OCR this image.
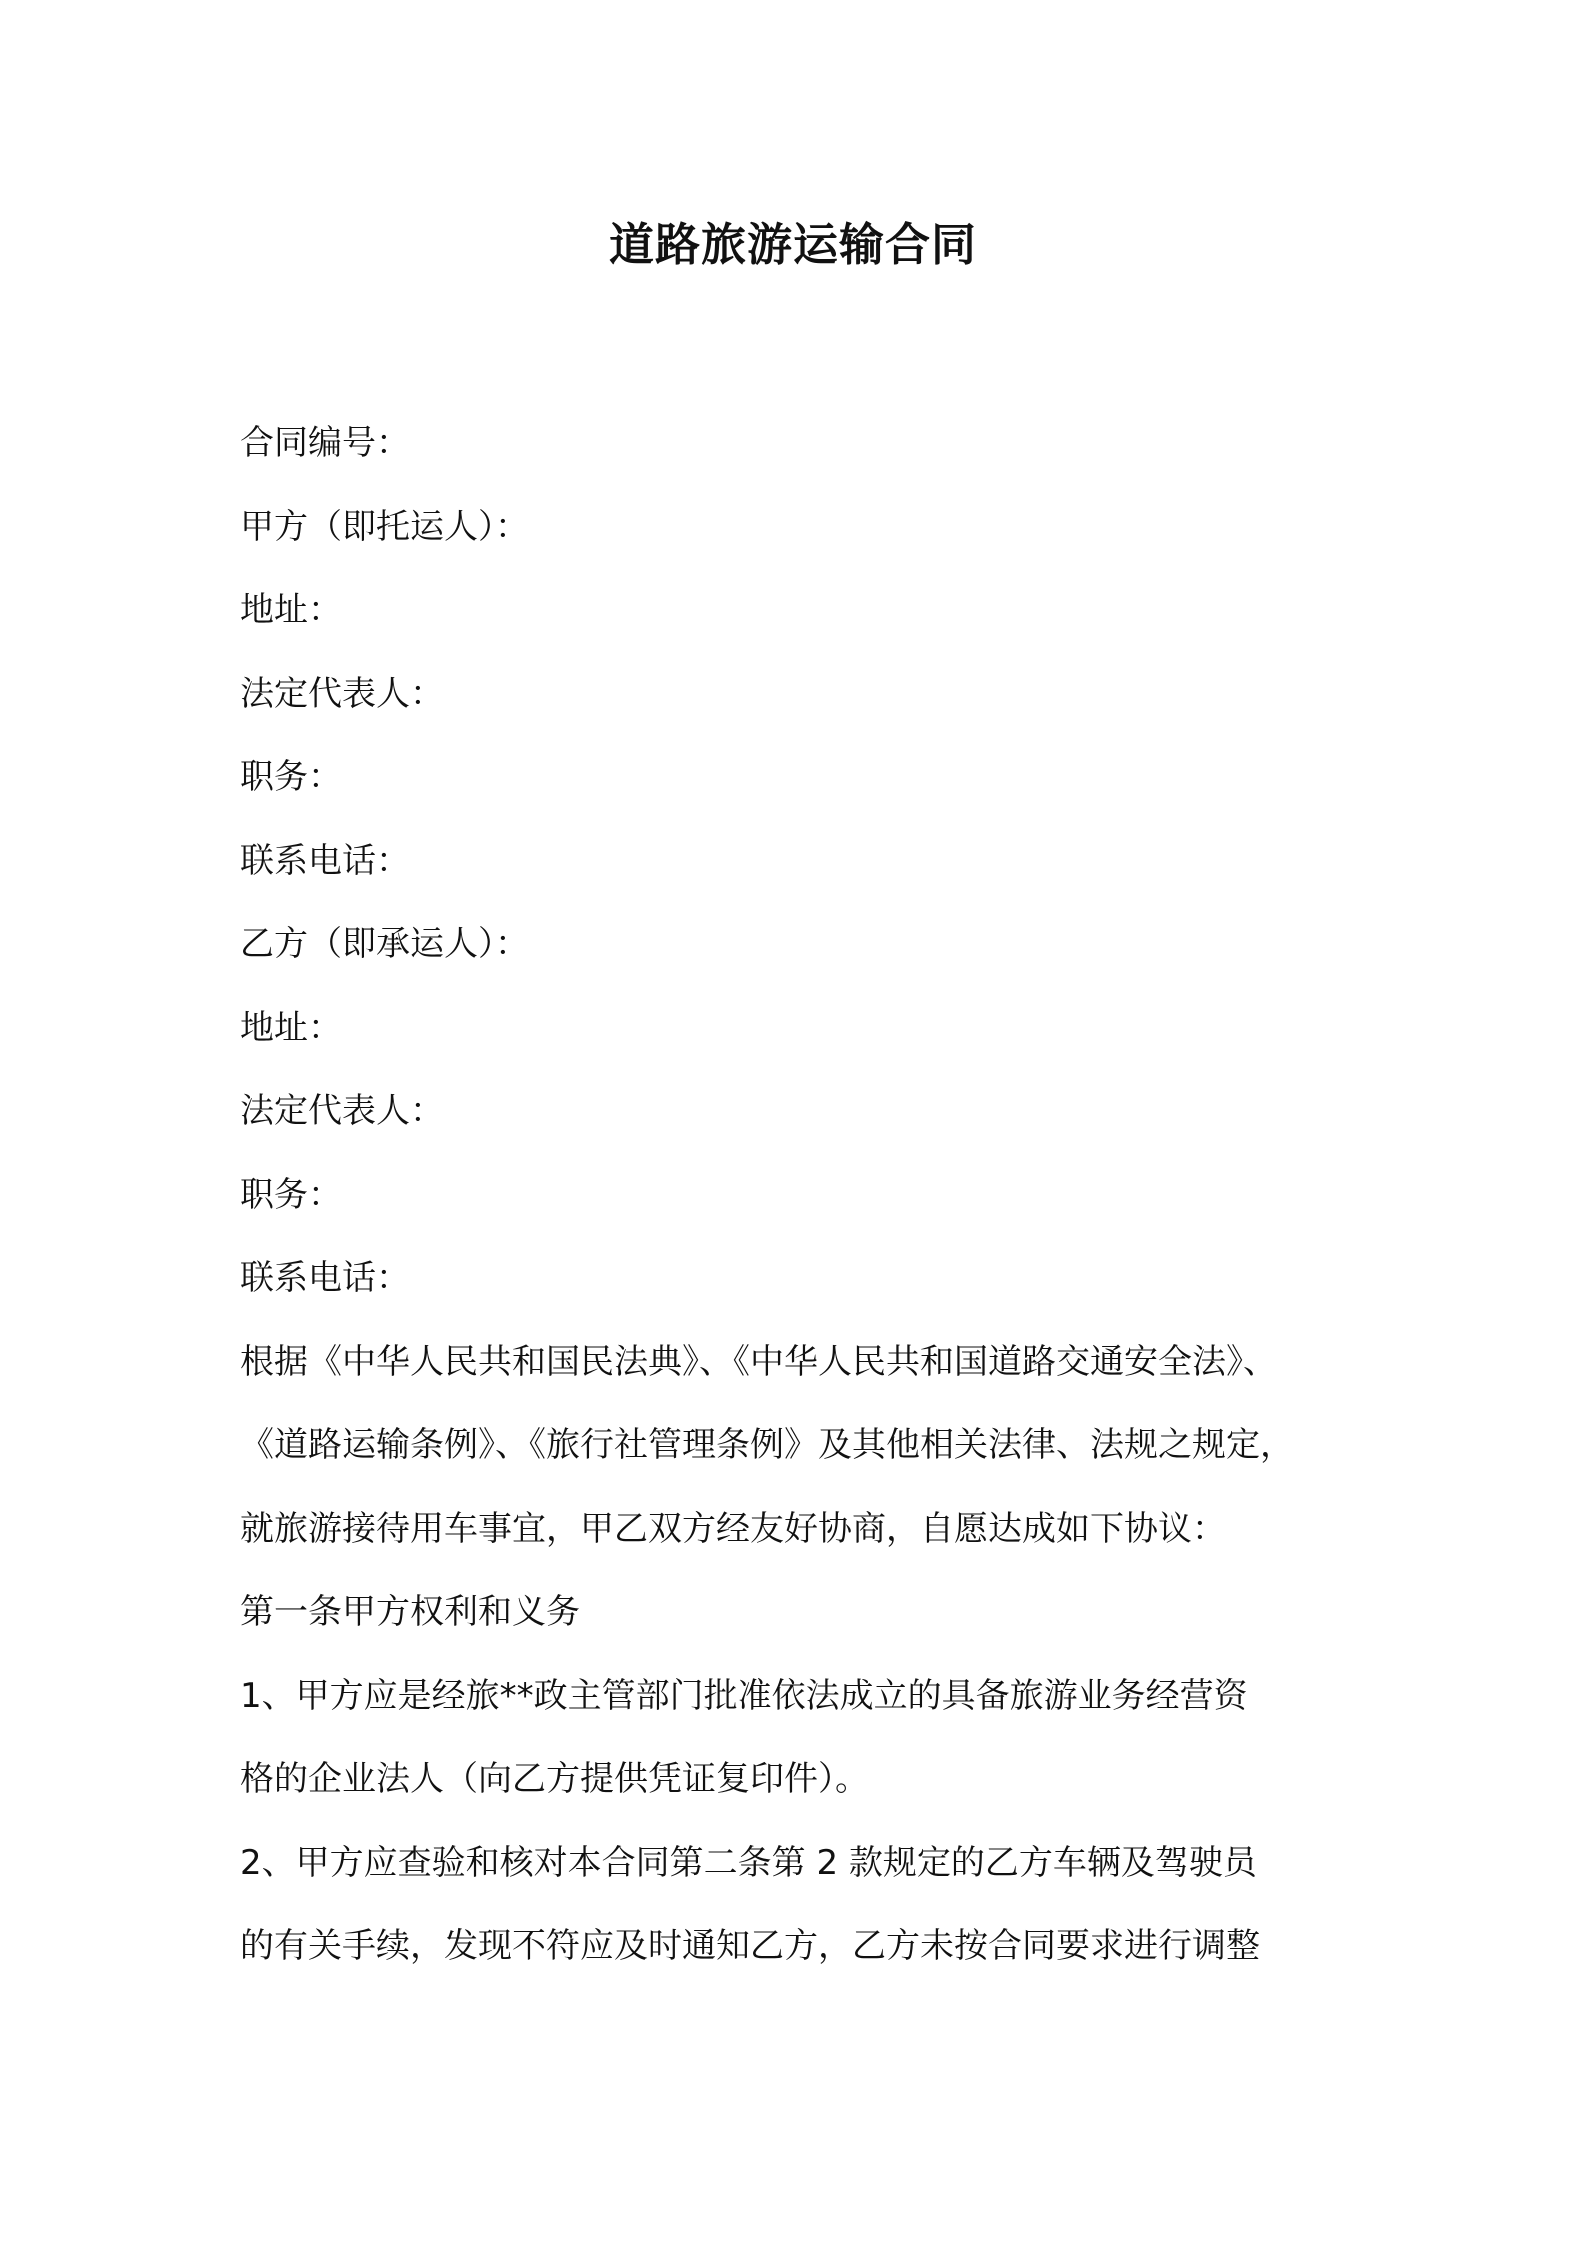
道路旅游运输合同

合同编号：

甲方（即托运人）：

地址：

法定代表人：

职务：

联系电话：

乙方（即承运人）：

地址：

法定代表人：

职务：

联系电话：

根据《中华人民共和国民法典》、《中华人民共和国道路交通安全法》、

《道路运输条例》、《旅行社管理条例》及其他相关法律、法规之规定，

就旅游接待用车事宜，甲乙双方经友好协商，自愿达成如下协议：

第一条甲方权利和义务

1、甲方应是经旅**政主管部门批准依法成立的具备旅游业务经营资

格的企业法人（向乙方提供凭证复印件）。

2、甲方应查验和核对本合同第二条第 2 款规定的乙方车辆及驾驶员

的有关手续，发现不符应及时通知乙方，乙方未按合同要求进行调整
